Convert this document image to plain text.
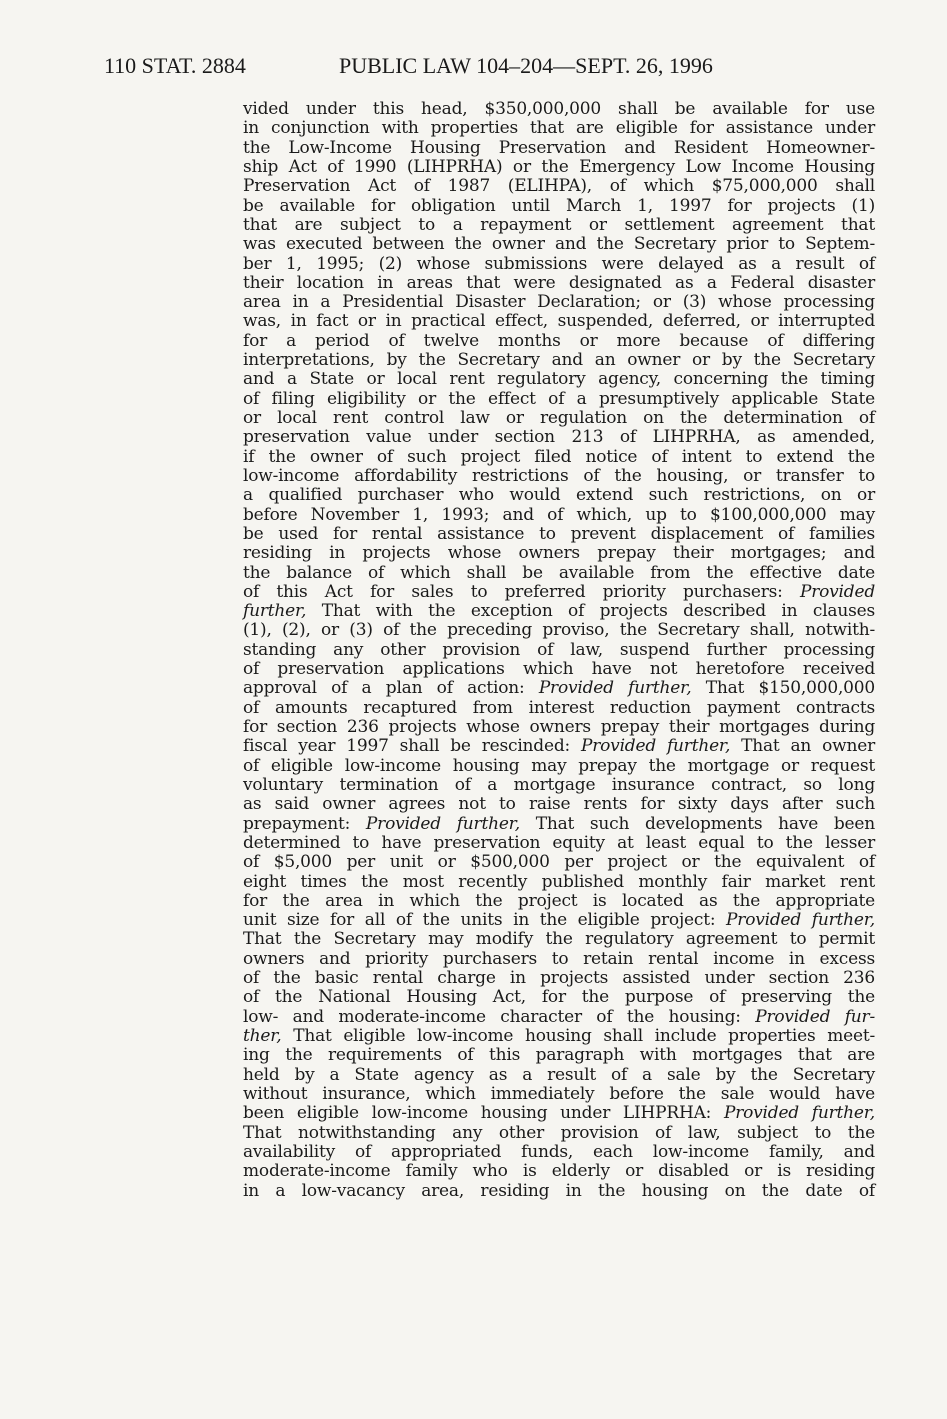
110 STAT. 2884	PUBLIC LAW 104–204—SEPT. 26, 1996
vided under this head, $350,000,000 shall be available for use
in conjunction with properties that are eligible for assistance under
the Low-Income Housing Preservation and Resident Homeowner-
ship Act of 1990 (LIHPRHA) or the Emergency Low Income Housing
Preservation Act of 1987 (ELIHPA), of which $75,000,000 shall
be available for obligation until March 1, 1997 for projects (1)
that are subject to a repayment or settlement agreement that
was executed between the owner and the Secretary prior to Septem-
ber 1, 1995; (2) whose submissions were delayed as a result of
their location in areas that were designated as a Federal disaster
area in a Presidential Disaster Declaration; or (3) whose processing
was, in fact or in practical effect, suspended, deferred, or interrupted
for a period of twelve months or more because of differing
interpretations, by the Secretary and an owner or by the Secretary
and a State or local rent regulatory agency, concerning the timing
of filing eligibility or the effect of a presumptively applicable State
or local rent control law or regulation on the determination of
preservation value under section 213 of LIHPRHA, as amended,
if the owner of such project filed notice of intent to extend the
low-income affordability restrictions of the housing, or transfer to
a qualified purchaser who would extend such restrictions, on or
before November 1, 1993; and of which, up to $100,000,000 may
be used for rental assistance to prevent displacement of families
residing in projects whose owners prepay their mortgages; and
the balance of which shall be available from the effective date
of this Act for sales to preferred priority purchasers: Provided
further, That with the exception of projects described in clauses
(1), (2), or (3) of the preceding proviso, the Secretary shall, notwith-
standing any other provision of law, suspend further processing
of preservation applications which have not heretofore received
approval of a plan of action: Provided further, That $150,000,000
of amounts recaptured from interest reduction payment contracts
for section 236 projects whose owners prepay their mortgages during
fiscal year 1997 shall be rescinded: Provided further, That an owner
of eligible low-income housing may prepay the mortgage or request
voluntary termination of a mortgage insurance contract, so long
as said owner agrees not to raise rents for sixty days after such
prepayment: Provided further, That such developments have been
determined to have preservation equity at least equal to the lesser
of $5,000 per unit or $500,000 per project or the equivalent of
eight times the most recently published monthly fair market rent
for the area in which the project is located as the appropriate
unit size for all of the units in the eligible project: Provided further,
That the Secretary may modify the regulatory agreement to permit
owners and priority purchasers to retain rental income in excess
of the basic rental charge in projects assisted under section 236
of the National Housing Act, for the purpose of preserving the
low- and moderate-income character of the housing: Provided fur-
ther, That eligible low-income housing shall include properties meet-
ing the requirements of this paragraph with mortgages that are
held by a State agency as a result of a sale by the Secretary
without insurance, which immediately before the sale would have
been eligible low-income housing under LIHPRHA: Provided further,
That notwithstanding any other provision of law, subject to the
availability of appropriated funds, each low-income family, and
moderate-income family who is elderly or disabled or is residing
in a low-vacancy area, residing in the housing on the date of
